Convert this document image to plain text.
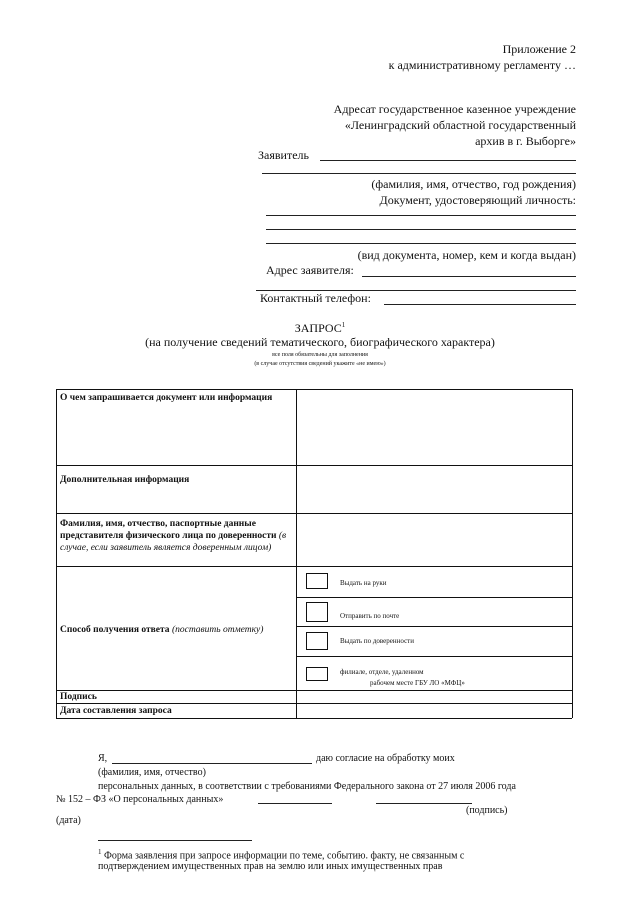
Приложение 2
к административному регламенту …
Адресат государственное казенное учреждение
«Ленинградский областной государственный
архив в г. Выборге»
Заявитель
(фамилия, имя, отчество, год рождения)
Документ, удостоверяющий личность:
(вид документа, номер, кем и когда выдан)
Адрес заявителя:
Контактный телефон:
ЗАПРОС$^1$
(на получение сведений тематического, биографического характера)
все поля обязательны для заполнения
(в случае отсутствия сведений укажите «не имею»)
О чем запрашивается документ или информация
Дополнительная информация
Фамилия, имя, отчество, паспортные данные представителя физического лица по доверенности (в случае, если заявитель является доверенным лицом)
Способ получения ответа (поставить отметку)
Выдать на руки
Отправить по почте
Выдать по доверенности
филиале, отделе, удаленном
рабочем месте ГБУ ЛО «МФЦ»
Подпись
Дата составления запроса
Я,	даю согласие на обработку моих
(фамилия, имя, отчество)
персональных данных, в соответствии с требованиями Федерального закона от 27 июля 2006 года
№ 152 – ФЗ «О персональных данных»
(подпись)
(дата)
$^1$ Форма заявления при запросе информации по теме, событию. факту, не связанным с
подтверждением имущественных прав на землю или иных имущественных прав
